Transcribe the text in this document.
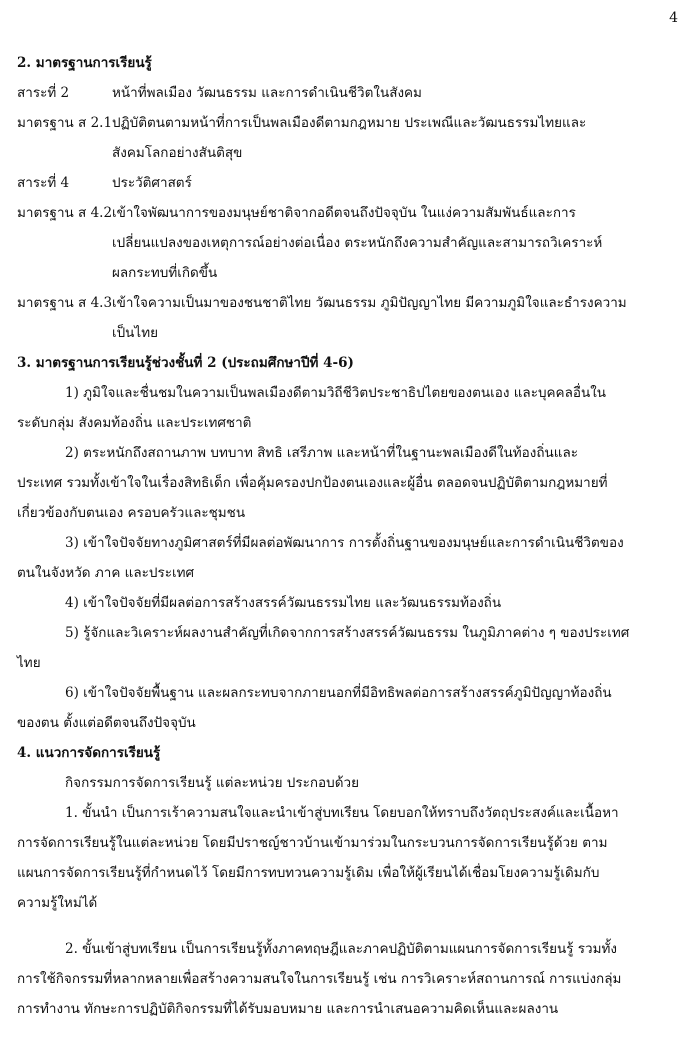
4
2. มาตรฐานการเรียนรู้
สาระที่ 2	หน้าที่พลเมือง วัฒนธรรม และการดำเนินชีวิตในสังคม
มาตรฐาน ส 2.1 ปฏิบัติตนตามหน้าที่การเป็นพลเมืองดีตามกฎหมาย ประเพณีและวัฒนธรรมไทยและ
สังคมโลกอย่างสันติสุข
สาระที่ 4	ประวัติศาสตร์
มาตรฐาน ส 4.2 เข้าใจพัฒนาการของมนุษย์ชาติจากอดีตจนถึงปัจจุบัน ในแง่ความสัมพันธ์และการ
เปลี่ยนแปลงของเหตุการณ์อย่างต่อเนื่อง ตระหนักถึงความสำคัญและสามารถวิเคราะห์
ผลกระทบที่เกิดขึ้น
มาตรฐาน ส 4.3 เข้าใจความเป็นมาของชนชาติไทย วัฒนธรรม ภูมิปัญญาไทย มีความภูมิใจและธำรงความ
เป็นไทย
3. มาตรฐานการเรียนรู้ช่วงชั้นที่ 2 (ประถมศึกษาปีที่ 4-6)
1) ภูมิใจและชื่นชมในความเป็นพลเมืองดีตามวิถีชีวิตประชาธิปไตยของตนเอง และบุคคลอื่นใน
ระดับกลุ่ม สังคมท้องถิ่น และประเทศชาติ
2) ตระหนักถึงสถานภาพ บทบาท สิทธิ เสรีภาพ และหน้าที่ในฐานะพลเมืองดีในท้องถิ่นและ
ประเทศ รวมทั้งเข้าใจในเรื่องสิทธิเด็ก เพื่อคุ้มครองปกป้องตนเองและผู้อื่น ตลอดจนปฏิบัติตามกฎหมายที่
เกี่ยวข้องกับตนเอง ครอบครัวและชุมชน
3) เข้าใจปัจจัยทางภูมิศาสตร์ที่มีผลต่อพัฒนาการ การตั้งถิ่นฐานของมนุษย์และการดำเนินชีวิตของ
ตนในจังหวัด ภาค และประเทศ
4) เข้าใจปัจจัยที่มีผลต่อการสร้างสรรค์วัฒนธรรมไทย และวัฒนธรรมท้องถิ่น
5) รู้จักและวิเคราะห์ผลงานสำคัญที่เกิดจากการสร้างสรรค์วัฒนธรรม ในภูมิภาคต่าง ๆ ของประเทศ
ไทย
6) เข้าใจปัจจัยพื้นฐาน และผลกระทบจากภายนอกที่มีอิทธิพลต่อการสร้างสรรค์ภูมิปัญญาท้องถิ่น
ของตน ตั้งแต่อดีตจนถึงปัจจุบัน
4. แนวการจัดการเรียนรู้
กิจกรรมการจัดการเรียนรู้ แต่ละหน่วย ประกอบด้วย
1. ขั้นนำ เป็นการเร้าความสนใจและนำเข้าสู่บทเรียน โดยบอกให้ทราบถึงวัตถุประสงค์และเนื้อหา
การจัดการเรียนรู้ในแต่ละหน่วย โดยมีปราชญ์ชาวบ้านเข้ามาร่วมในกระบวนการจัดการเรียนรู้ด้วย ตาม
แผนการจัดการเรียนรู้ที่กำหนดไว้ โดยมีการทบทวนความรู้เดิม เพื่อให้ผู้เรียนได้เชื่อมโยงความรู้เดิมกับ
ความรู้ใหม่ได้
2. ขั้นเข้าสู่บทเรียน เป็นการเรียนรู้ทั้งภาคทฤษฎีและภาคปฏิบัติตามแผนการจัดการเรียนรู้ รวมทั้ง
การใช้กิจกรรมที่หลากหลายเพื่อสร้างความสนใจในการเรียนรู้ เช่น การวิเคราะห์สถานการณ์ การแบ่งกลุ่ม
การทำงาน ทักษะการปฏิบัติกิจกรรมที่ได้รับมอบหมาย และการนำเสนอความคิดเห็นและผลงาน
